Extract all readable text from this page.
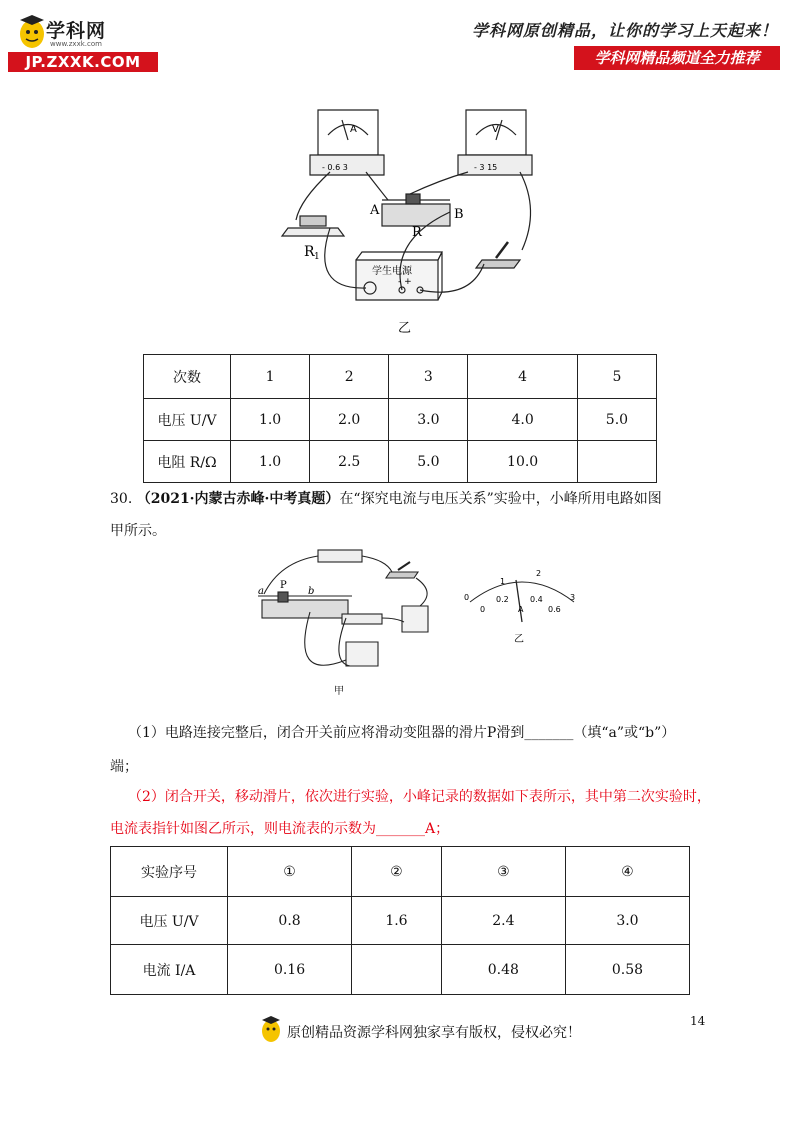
学科网
www.zxxk.com
JP.ZXXK.COM
学科网原创精品，让你的学习上天起来！
学科网精品频道全力推荐
A	B
R
R 1
- 0.6 3	- 3 15
A	V
学生电源
- +
乙
次数	1	2	3	4	5
电压 U/V	1.0	2.0	3.0	4.0	5.0
电阻 R/Ω	1.0	2.5	5.0	10.0	
30. （2021·内蒙古赤峰·中考真题）在“探究电流与电压关系”实验中，小峰所用电路如图
甲所示。
a
P
b
甲
0
1
2
3
0
0.2	0.4
0.6
A
乙
（1）电路连接完整后，闭合开关前应将滑动变阻器的滑片P滑到_______（填“a”或“b”）
端；
（2）闭合开关，移动滑片，依次进行实验，小峰记录的数据如下表所示，其中第二次实验时，
电流表指针如图乙所示，则电流表的示数为_______A；
实验序号	①	②	③	④
电压 U/V	0.8	1.6	2.4	3.0
电流 I/A	0.16		0.48	0.58
原创精品资源学科网独家享有版权，侵权必究！
14
